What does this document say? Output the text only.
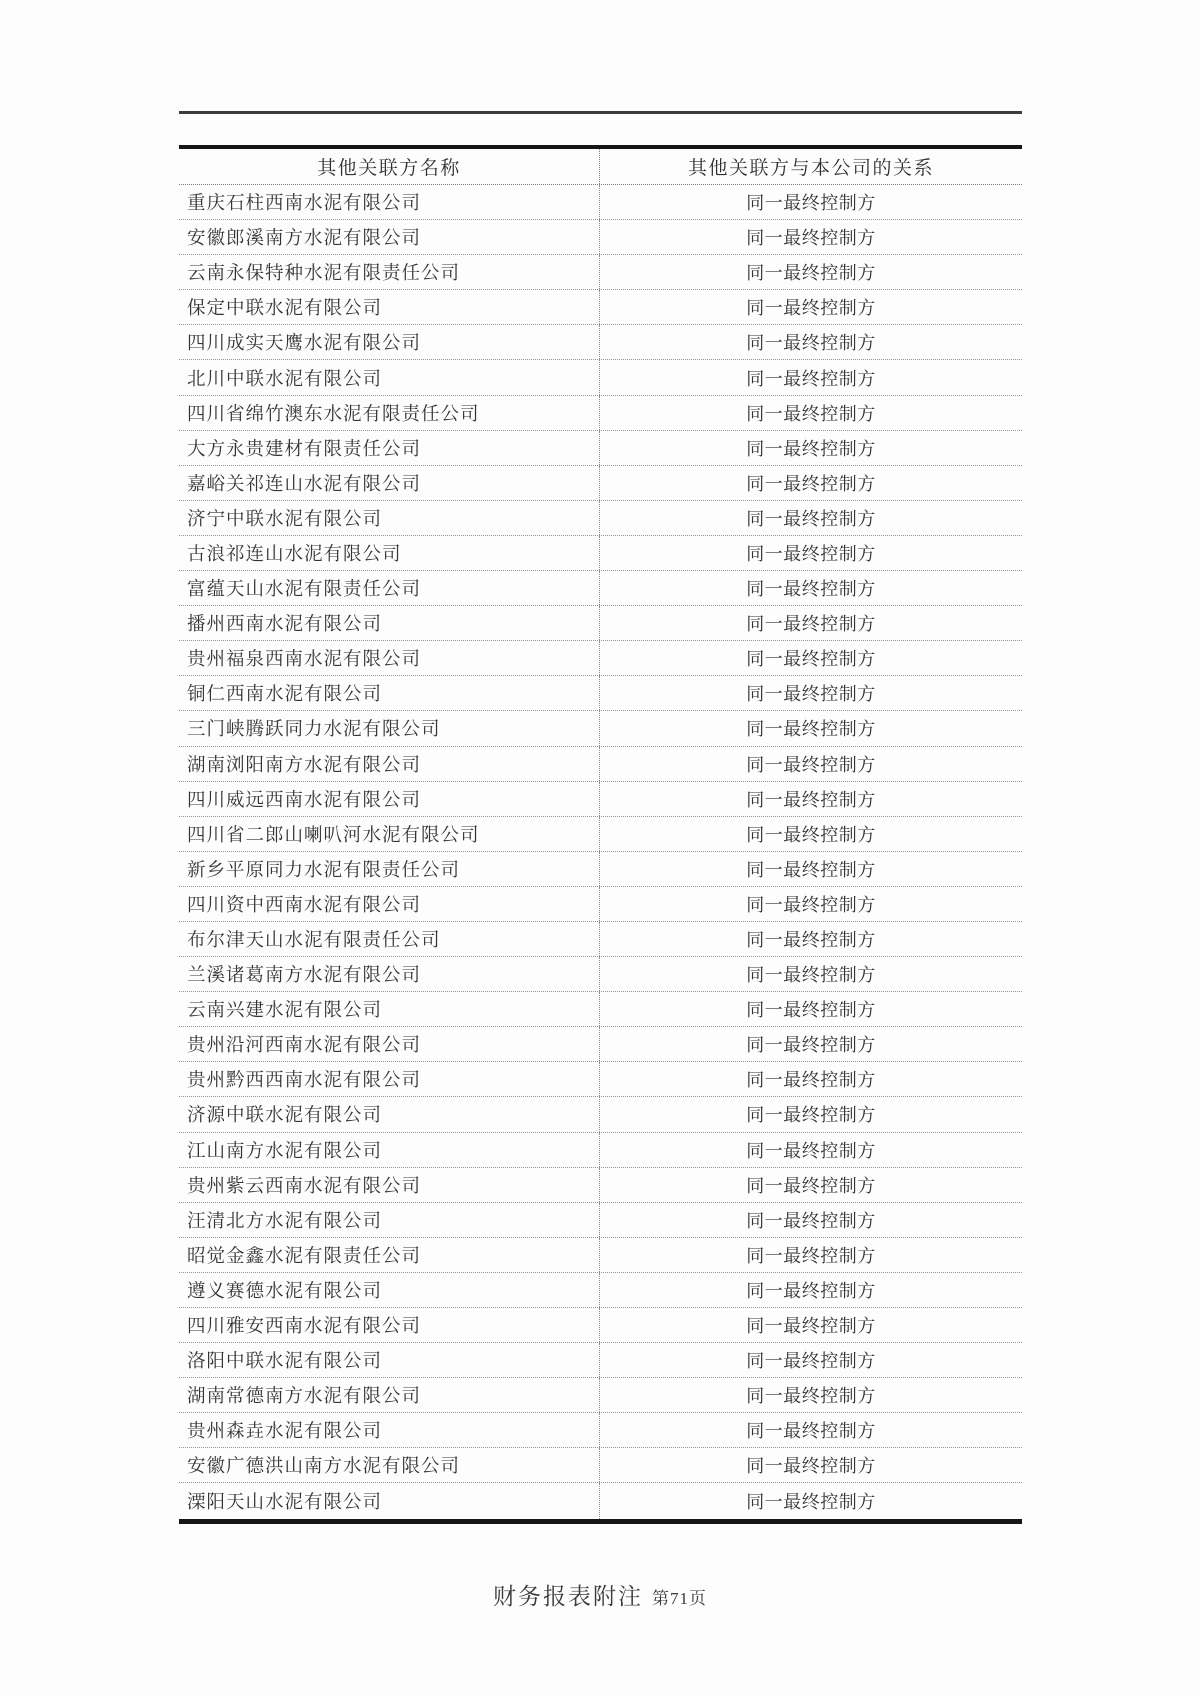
其他关联方名称	其他关联方与本公司的关系
重庆石柱西南水泥有限公司	同一最终控制方
安徽郎溪南方水泥有限公司	同一最终控制方
云南永保特种水泥有限责任公司	同一最终控制方
保定中联水泥有限公司	同一最终控制方
四川成实天鹰水泥有限公司	同一最终控制方
北川中联水泥有限公司	同一最终控制方
四川省绵竹澳东水泥有限责任公司	同一最终控制方
大方永贵建材有限责任公司	同一最终控制方
嘉峪关祁连山水泥有限公司	同一最终控制方
济宁中联水泥有限公司	同一最终控制方
古浪祁连山水泥有限公司	同一最终控制方
富蕴天山水泥有限责任公司	同一最终控制方
播州西南水泥有限公司	同一最终控制方
贵州福泉西南水泥有限公司	同一最终控制方
铜仁西南水泥有限公司	同一最终控制方
三门峡腾跃同力水泥有限公司	同一最终控制方
湖南浏阳南方水泥有限公司	同一最终控制方
四川威远西南水泥有限公司	同一最终控制方
四川省二郎山喇叭河水泥有限公司	同一最终控制方
新乡平原同力水泥有限责任公司	同一最终控制方
四川资中西南水泥有限公司	同一最终控制方
布尔津天山水泥有限责任公司	同一最终控制方
兰溪诸葛南方水泥有限公司	同一最终控制方
云南兴建水泥有限公司	同一最终控制方
贵州沿河西南水泥有限公司	同一最终控制方
贵州黔西西南水泥有限公司	同一最终控制方
济源中联水泥有限公司	同一最终控制方
江山南方水泥有限公司	同一最终控制方
贵州紫云西南水泥有限公司	同一最终控制方
汪清北方水泥有限公司	同一最终控制方
昭觉金鑫水泥有限责任公司	同一最终控制方
遵义赛德水泥有限公司	同一最终控制方
四川雅安西南水泥有限公司	同一最终控制方
洛阳中联水泥有限公司	同一最终控制方
湖南常德南方水泥有限公司	同一最终控制方
贵州森垚水泥有限公司	同一最终控制方
安徽广德洪山南方水泥有限公司	同一最终控制方
溧阳天山水泥有限公司	同一最终控制方
财务报表附注 第71页
